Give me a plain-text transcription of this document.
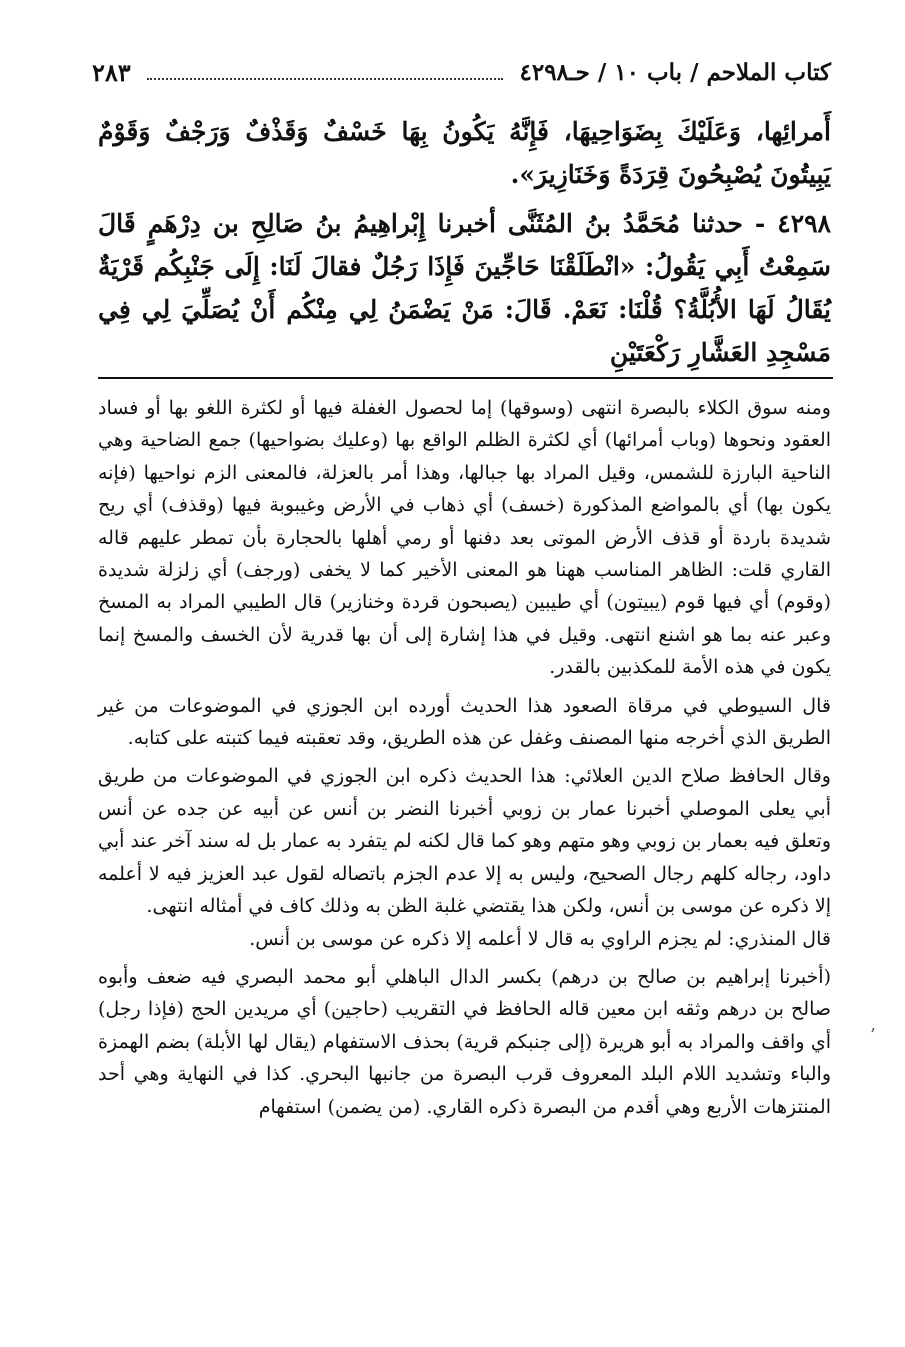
كتاب الملاحم / باب ١٠ / حـ٤٢٩٨
٢٨٣

أَمرائِها، وَعَلَيْكَ بِضَوَاحِيهَا، فَإِنَّهُ يَكُونُ بِهَا خَسْفٌ وَقَذْفٌ وَرَجْفٌ وَقَوْمٌ يَبِيتُونَ يُصْبِحُونَ قِرَدَةً وَخَنَازِيرَ».

٤٢٩٨ - حدثنا مُحَمَّدُ بنُ المُثَنَّى أخبرنا إِبْراهِيمُ بنُ صَالِحِ بن دِرْهَمٍ قَالَ سَمِعْتُ أَبِي يَقُولُ: «انْطَلَقْنَا حَاجِّينَ فَإِذَا رَجُلٌ فقالَ لَنَا: إِلَى جَنْبِكُم قَرْيَةٌ يُقَالُ لَهَا الأُبُلَّةُ؟ قُلْنَا: نَعَمْ. قَالَ: مَنْ يَضْمَنُ لِي مِنْكُم أَنْ يُصَلِّيَ لِي فِي مَسْجِدِ العَشَّارِ رَكْعَتَيْنِ

ومنه سوق الكلاء بالبصرة انتهى (وسوقها) إما لحصول الغفلة فيها أو لكثرة اللغو بها أو فساد العقود ونحوها (وباب أمرائها) أي لكثرة الظلم الواقع بها (وعليك بضواحيها) جمع الضاحية وهي الناحية البارزة للشمس، وقيل المراد بها جبالها، وهذا أمر بالعزلة، فالمعنى الزم نواحيها (فإنه يكون بها) أي بالمواضع المذكورة (خسف) أي ذهاب في الأرض وغيبوبة فيها (وقذف) أي ريح شديدة باردة أو قذف الأرض الموتى بعد دفنها أو رمي أهلها بالحجارة بأن تمطر عليهم قاله القاري قلت: الظاهر المناسب ههنا هو المعنى الأخير كما لا يخفى (ورجف) أي زلزلة شديدة (وقوم) أي فيها قوم (يبيتون) أي طيبين (يصبحون قردة وخنازير) قال الطيبي المراد به المسخ وعبر عنه بما هو اشنع انتهى. وقيل في هذا إشارة إلى أن بها قدرية لأن الخسف والمسخ إنما يكون في هذه الأمة للمكذبين بالقدر.

قال السيوطي في مرقاة الصعود هذا الحديث أورده ابن الجوزي في الموضوعات من غير الطريق الذي أخرجه منها المصنف وغفل عن هذه الطريق، وقد تعقبته فيما كتبته على كتابه.

وقال الحافظ صلاح الدين العلائي: هذا الحديث ذكره ابن الجوزي في الموضوعات من طريق أبي يعلى الموصلي أخبرنا عمار بن زوبي أخبرنا النضر بن أنس عن أبيه عن جده عن أنس وتعلق فيه بعمار بن زوبي وهو متهم وهو كما قال لكنه لم يتفرد به عمار بل له سند آخر عند أبي داود، رجاله كلهم رجال الصحيح، وليس به إلا عدم الجزم باتصاله لقول عبد العزيز فيه لا أعلمه إلا ذكره عن موسى بن أنس، ولكن هذا يقتضي غلبة الظن به وذلك كاف في أمثاله انتهى.

قال المنذري: لم يجزم الراوي به قال لا أعلمه إلا ذكره عن موسى بن أنس.

(أخبرنا إبراهيم بن صالح بن درهم) بكسر الدال الباهلي أبو محمد البصري فيه ضعف وأبوه صالح بن درهم وثقه ابن معين قاله الحافظ في التقريب (حاجين) أي مريدين الحج (فإذا رجل) أي واقف والمراد به أبو هريرة (إلى جنبكم قرية) بحذف الاستفهام (يقال لها الأبلة) بضم الهمزة والباء وتشديد اللام البلد المعروف قرب البصرة من جانبها البحري. كذا في النهاية وهي أحد المنتزهات الأربع وهي أقدم من البصرة ذكره القاري. (من يضمن) استفهام

’
